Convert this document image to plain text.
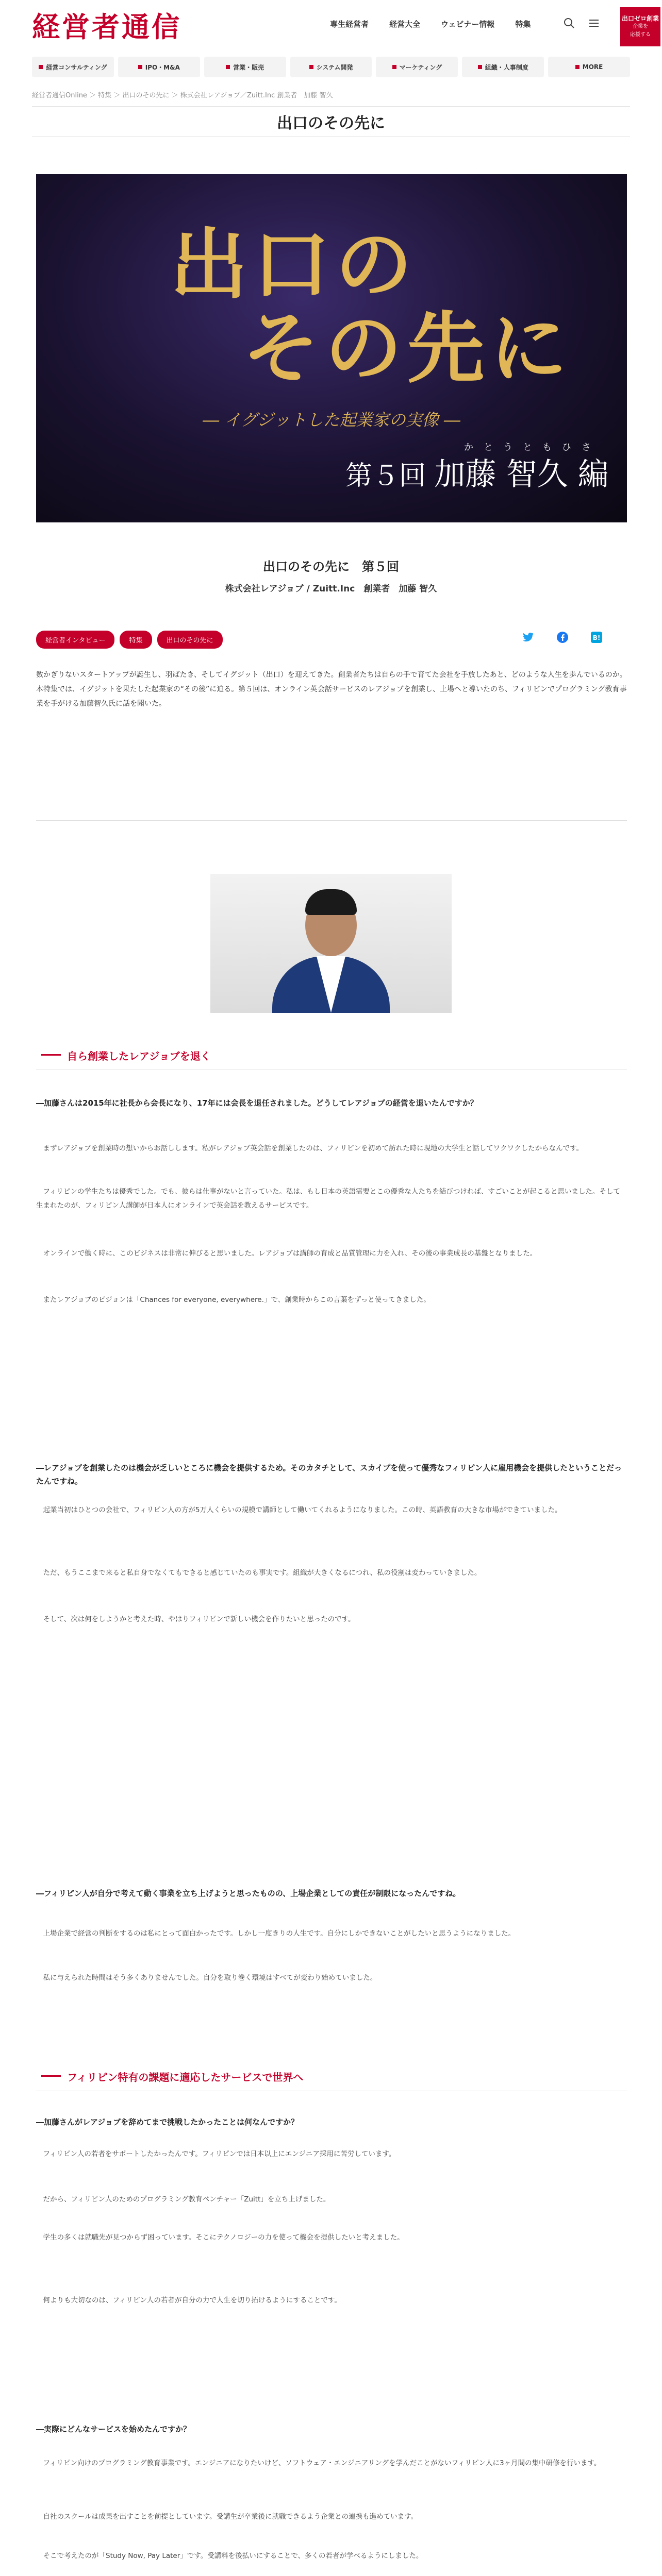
経営者通信	専生経営者	経営大全	ウェビナー情報	特集
出口ゼロ創業
企業を
応援する
経営コンサルティング	IPO・M&A	営業・販売	システム開発	マーケティング	組織・人事制度	MORE
経営者通信Online ＞ 特集 ＞ 出口のその先に ＞ 株式会社レアジョブ／Zuitt.Inc 創業者　加藤 智久
出口のその先に
出口の
その先に
― イグジットした起業家の実像 ―
かとうともひさ
第５回 加藤 智久 編
出口のその先に　第５回
株式会社レアジョブ / Zuitt.Inc　創業者　加藤 智久
経営者インタビュー	特集	出口のその先に	B!
数かぎりないスタートアップが誕生し、羽ばたき、そしてイグジット（出口）を迎えてきた。創業者たちは自らの手で育てた会社を手放したあと、どのような人生を歩んでいるのか。本特集では、イグジットを果たした起業家の“その後”に迫る。第５回は、オンライン英会話サービスのレアジョブを創業し、上場へと導いたのち、フィリピンでプログラミング教育事業を手がける加藤智久氏に話を聞いた。
自ら創業したレアジョブを退く
―加藤さんは2015年に社長から会長になり、17年には会長を退任されました。どうしてレアジョブの経営を退いたんですか？
まずレアジョブを創業時の想いからお話しします。私がレアジョブ英会話を創業したのは、フィリピンを初めて訪れた時に現地の大学生と話してワクワクしたからなんです。
フィリピンの学生たちは優秀でした。でも、彼らは仕事がないと言っていた。私は、もし日本の英語需要とこの優秀な人たちを結びつければ、すごいことが起こると思いました。そして生まれたのが、フィリピン人講師が日本人にオンラインで英会話を教えるサービスです。
オンラインで働く時に、このビジネスは非常に伸びると思いました。レアジョブは講師の育成と品質管理に力を入れ、その後の事業成長の基盤となりました。
またレアジョブのビジョンは「Chances for everyone, everywhere.」で、創業時からこの言葉をずっと使ってきました。
―レアジョブを創業したのは機会が乏しいところに機会を提供するため。そのカタチとして、スカイプを使って優秀なフィリピン人に雇用機会を提供したということだったんですね。
起業当初はひとつの会社で、フィリピン人の方が5万人くらいの規模で講師として働いてくれるようになりました。この時、英語教育の大きな市場ができていました。
ただ、もうここまで来ると私自身でなくてもできると感じていたのも事実です。組織が大きくなるにつれ、私の役割は変わっていきました。
そして、次は何をしようかと考えた時、やはりフィリピンで新しい機会を作りたいと思ったのです。
―フィリピン人が自分で考えて動く事業を立ち上げようと思ったものの、上場企業としての責任が制限になったんですね。
上場企業で経営の判断をするのは私にとって面白かったです。しかし一度きりの人生です。自分にしかできないことがしたいと思うようになりました。
私に与えられた時間はそう多くありませんでした。自分を取り巻く環境はすべてが変わり始めていました。
フィリピン特有の課題に適応したサービスで世界へ
―加藤さんがレアジョブを辞めてまで挑戦したかったことは何なんですか？
フィリピン人の若者をサポートしたかったんです。フィリピンでは日本以上にエンジニア採用に苦労しています。
だから、フィリピン人のためのプログラミング教育ベンチャー「Zuitt」を立ち上げました。
学生の多くは就職先が見つからず困っています。そこにテクノロジーの力を使って機会を提供したいと考えました。
何よりも大切なのは、フィリピン人の若者が自分の力で人生を切り拓けるようにすることです。
―実際にどんなサービスを始めたんですか？
フィリピン向けのプログラミング教育事業です。エンジニアになりたいけど、ソフトウェア・エンジニアリングを学んだことがないフィリピン人に3ヶ月間の集中研修を行います。
自社のスクールは成果を出すことを前提としています。受講生が卒業後に就職できるよう企業との連携も進めています。
そこで考えたのが「Study Now, Pay Later」です。受講料を後払いにすることで、多くの若者が学べるようにしました。
